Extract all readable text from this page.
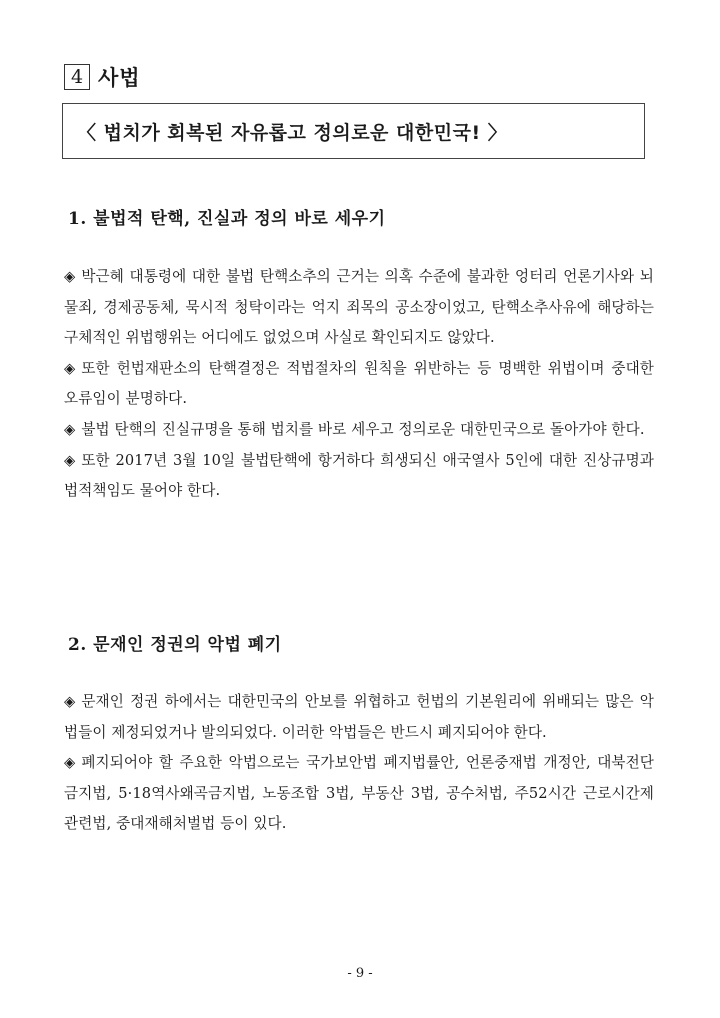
4 사법
〈 법치가 회복된 자유롭고 정의로운 대한민국! 〉
1. 불법적 탄핵, 진실과 정의 바로 세우기
◈ 박근혜 대통령에 대한 불법 탄핵소추의 근거는 의혹 수준에 불과한 엉터리 언론기사와 뇌물죄, 경제공동체, 묵시적 청탁이라는 억지 죄목의 공소장이었고, 탄핵소추사유에 해당하는 구체적인 위법행위는 어디에도 없었으며 사실로 확인되지도 않았다.
◈ 또한 헌법재판소의 탄핵결정은 적법절차의 원칙을 위반하는 등 명백한 위법이며 중대한 오류임이 분명하다.
◈ 불법 탄핵의 진실규명을 통해 법치를 바로 세우고 정의로운 대한민국으로 돌아가야 한다.
◈ 또한 2017년 3월 10일 불법탄핵에 항거하다 희생되신 애국열사 5인에 대한 진상규명과 법적책임도 물어야 한다.
2. 문재인 정권의 악법 폐기
◈ 문재인 정권 하에서는 대한민국의 안보를 위협하고 헌법의 기본원리에 위배되는 많은 악법들이 제정되었거나 발의되었다. 이러한 악법들은 반드시 폐지되어야 한다.
◈ 폐지되어야 할 주요한 악법으로는 국가보안법 폐지법률안, 언론중재법 개정안, 대북전단금지법, 5·18역사왜곡금지법, 노동조합 3법, 부동산 3법, 공수처법, 주52시간 근로시간제 관련법, 중대재해처벌법 등이 있다.
- 9 -
